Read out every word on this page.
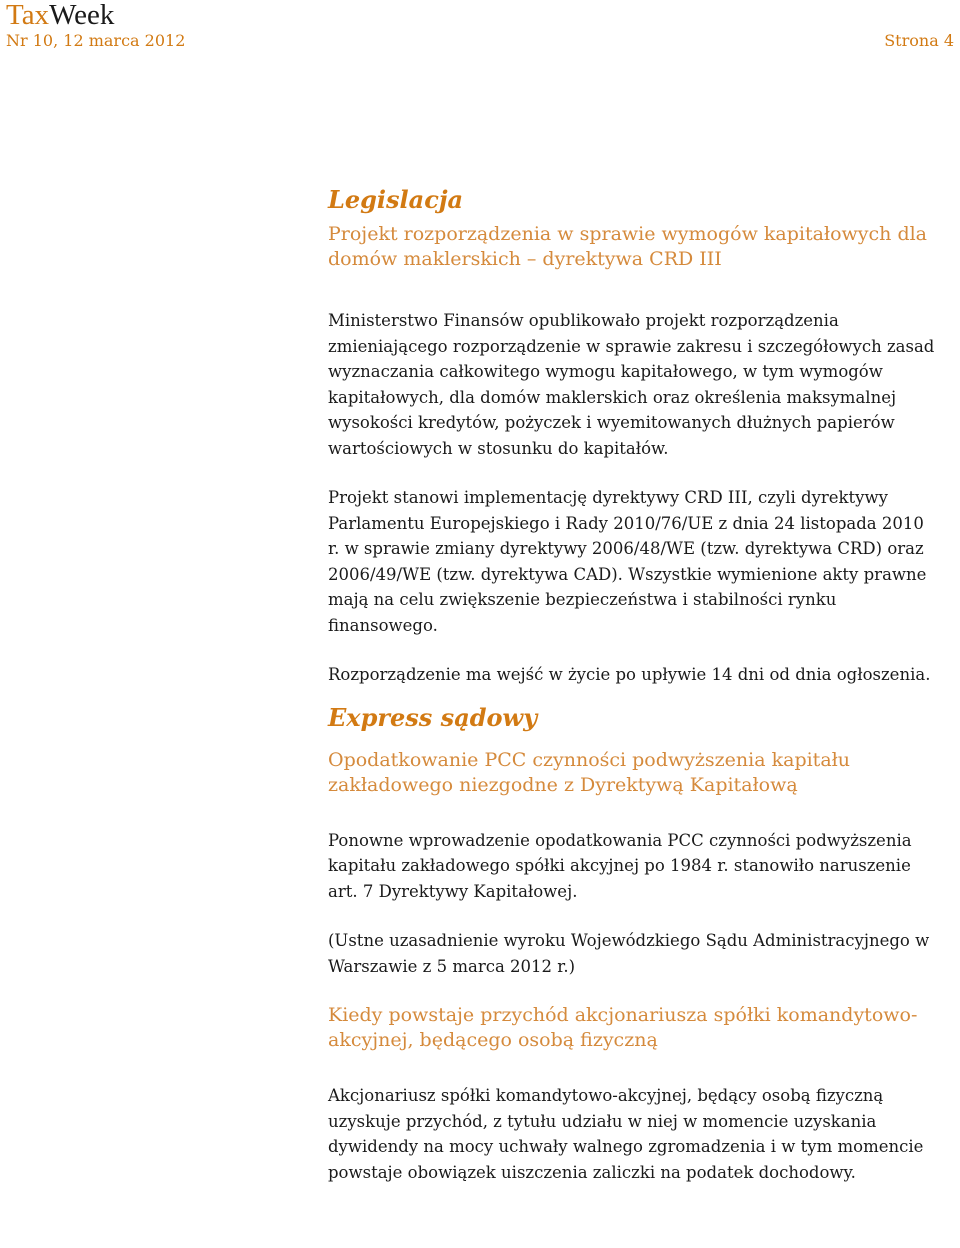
TaxWeek
Nr 10, 12 marca 2012	Strona 4
Legislacja
Projekt rozporządzenia w sprawie wymogów kapitałowych dla domów maklerskich – dyrektywa CRD III

Ministerstwo Finansów opublikowało projekt rozporządzenia zmieniającego rozporządzenie w sprawie zakresu i szczegółowych zasad wyznaczania całkowitego wymogu kapitałowego, w tym wymogów kapitałowych, dla domów maklerskich oraz określenia maksymalnej wysokości kredytów, pożyczek i wyemitowanych dłużnych papierów wartościowych w stosunku do kapitałów.

Projekt stanowi implementację dyrektywy CRD III, czyli dyrektywy Parlamentu Europejskiego i Rady 2010/76/UE z dnia 24 listopada 2010 r. w sprawie zmiany dyrektywy 2006/48/WE (tzw. dyrektywa CRD) oraz 2006/49/WE (tzw. dyrektywa CAD). Wszystkie wymienione akty prawne mają na celu zwiększenie bezpieczeństwa i stabilności rynku finansowego.

Rozporządzenie ma wejść w życie po upływie 14 dni od dnia ogłoszenia.

Express sądowy
Opodatkowanie PCC czynności podwyższenia kapitału zakładowego niezgodne z Dyrektywą Kapitałową

Ponowne wprowadzenie opodatkowania PCC czynności podwyższenia kapitału zakładowego spółki akcyjnej po 1984 r. stanowiło naruszenie art. 7 Dyrektywy Kapitałowej.

(Ustne uzasadnienie wyroku Wojewódzkiego Sądu Administracyjnego w Warszawie z 5 marca 2012 r.)

Kiedy powstaje przychód akcjonariusza spółki komandytowo-akcyjnej, będącego osobą fizyczną

Akcjonariusz spółki komandytowo-akcyjnej, będący osobą fizyczną uzyskuje przychód, z tytułu udziału w niej w momencie uzyskania dywidendy na mocy uchwały walnego zgromadzenia i w tym momencie powstaje obowiązek uiszczenia zaliczki na podatek dochodowy.
